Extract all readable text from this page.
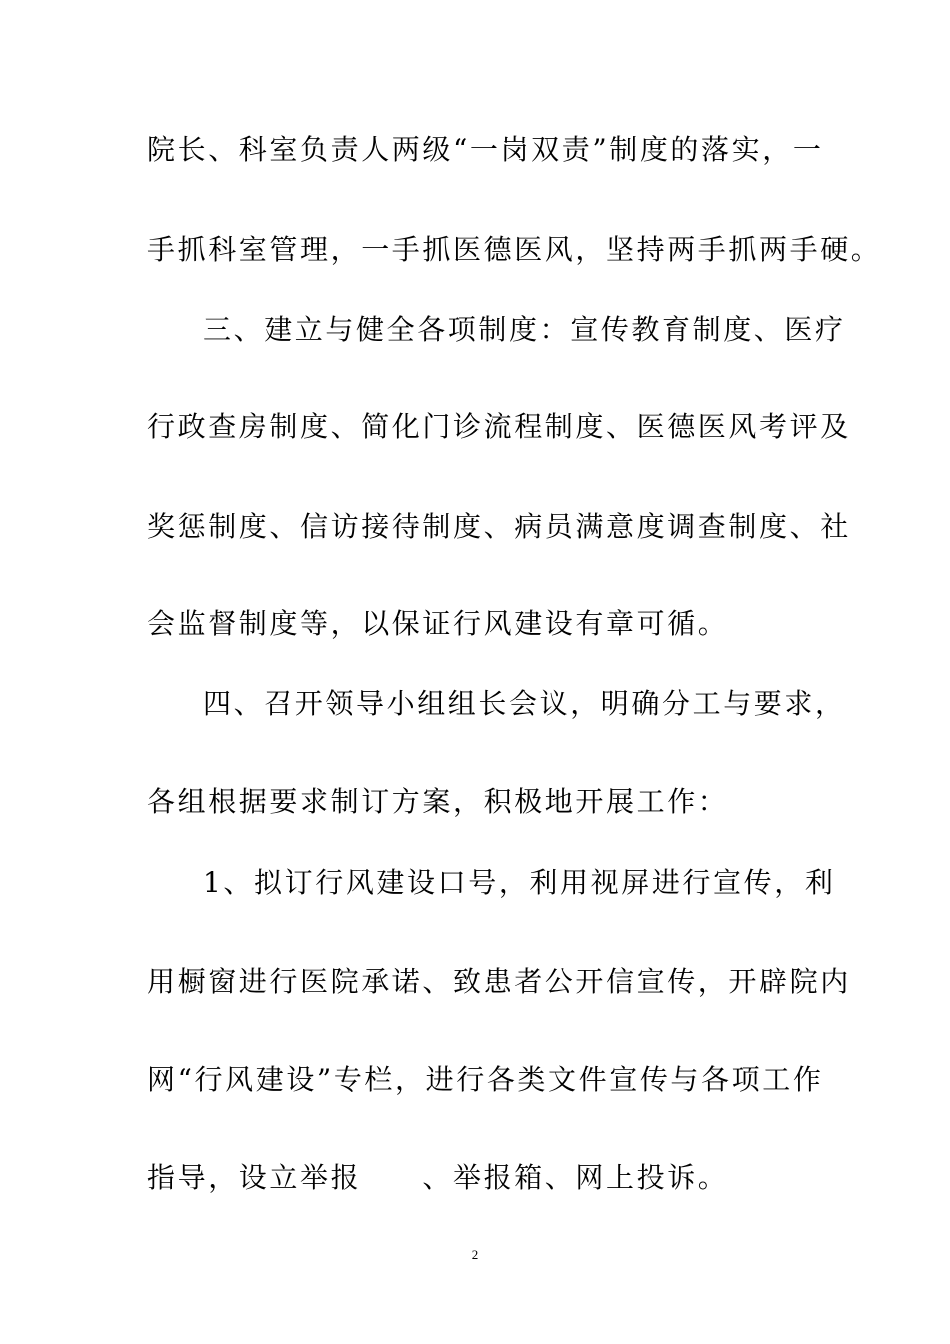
院长、科室负责人两级“一岗双责”制度的落实，一
手抓科室管理，一手抓医德医风，坚持两手抓两手硬。
三、建立与健全各项制度：宣传教育制度、医疗
行政查房制度、简化门诊流程制度、医德医风考评及
奖惩制度、信访接待制度、病员满意度调查制度、社
会监督制度等，以保证行风建设有章可循。
四、召开领导小组组长会议，明确分工与要求，
各组根据要求制订方案，积极地开展工作：
1、拟订行风建设口号，利用视屏进行宣传，利
用橱窗进行医院承诺、致患者公开信宣传，开辟院内
网“行风建设”专栏，进行各类文件宣传与各项工作
指导，设立举报　　、举报箱、网上投诉。
2
